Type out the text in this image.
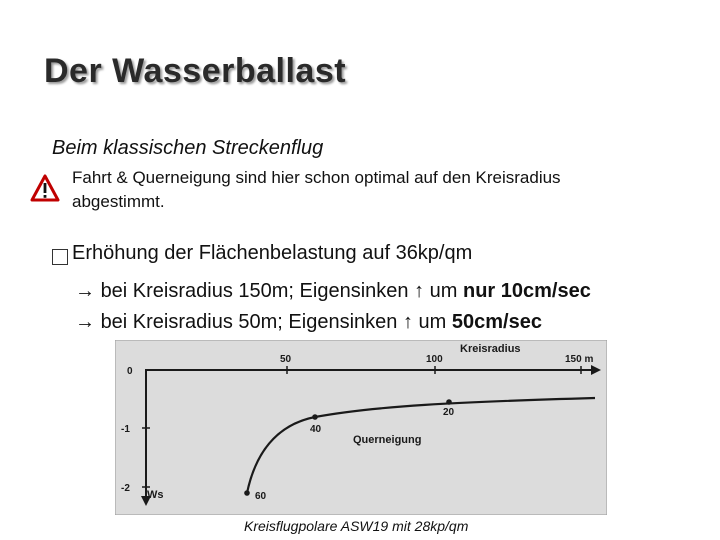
Der Wasserballast
Beim klassischen Streckenflug
Fahrt & Querneigung sind hier schon optimal auf den Kreisradius
abgestimmt.
Erhöhung der Flächenbelastung auf 36kp/qm
→ bei Kreisradius 150m; Eigensinken ↑ um nur 10cm/sec
→ bei Kreisradius 50m; Eigensinken ↑ um 50cm/sec
50	100	150 m
Kreisradius
0
-1
-2
Ws	60
40
20
Querneigung
Kreisflugpolare ASW19 mit 28kp/qm
